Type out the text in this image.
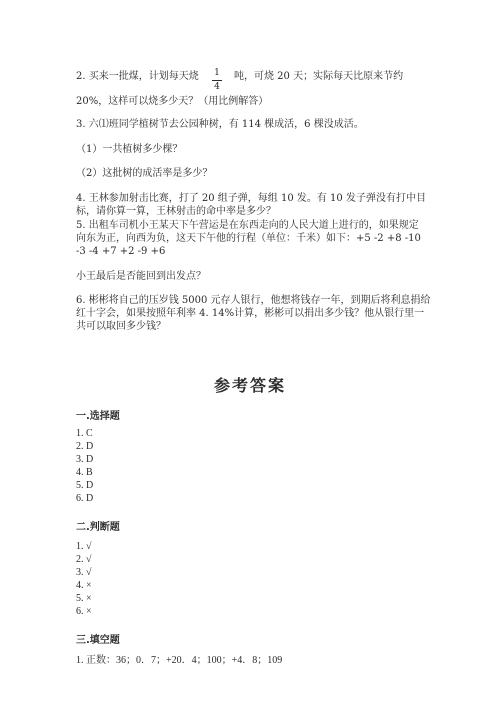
2. 买来一批煤，计划每天烧	1
4
吨，可烧 20 天；实际每天比原来节约
20%，这样可以烧多少天？（用比例解答）
3. 六⑴班同学植树节去公园种树，有 114 棵成活，6 棵没成活。
（1）一共植树多少棵？
（2）这批树的成活率是多少？
4. 王林参加射击比赛，打了 20 组子弹，每组 10 发。有 10 发子弹没有打中目
标，请你算一算，王林射击的命中率是多少？
5. 出租车司机小王某天下午营运是在东西走向的人民大道上进行的，如果规定
向东为正，向西为负，这天下午他的行程（单位：千米）如下：+5 -2 +8 -10
-3 -4 +7 +2 -9 +6
小王最后是否能回到出发点？
6. 彬彬将自己的压岁钱 5000 元存人银行，他想将钱存一年，到期后将利息捐给
红十字会，如果按照年利率 4. 14%计算，彬彬可以捐出多少钱？他从银行里一
共可以取回多少钱？
参考答案
一.选择题
1. C
2. D
3. D
4. B
5. D
6. D
二.判断题
1. √
2. √
3. √
4. ×
5. ×
6. ×
三.填空题
1. 正数：36；0．7；+20．4；100；+4．8；109
